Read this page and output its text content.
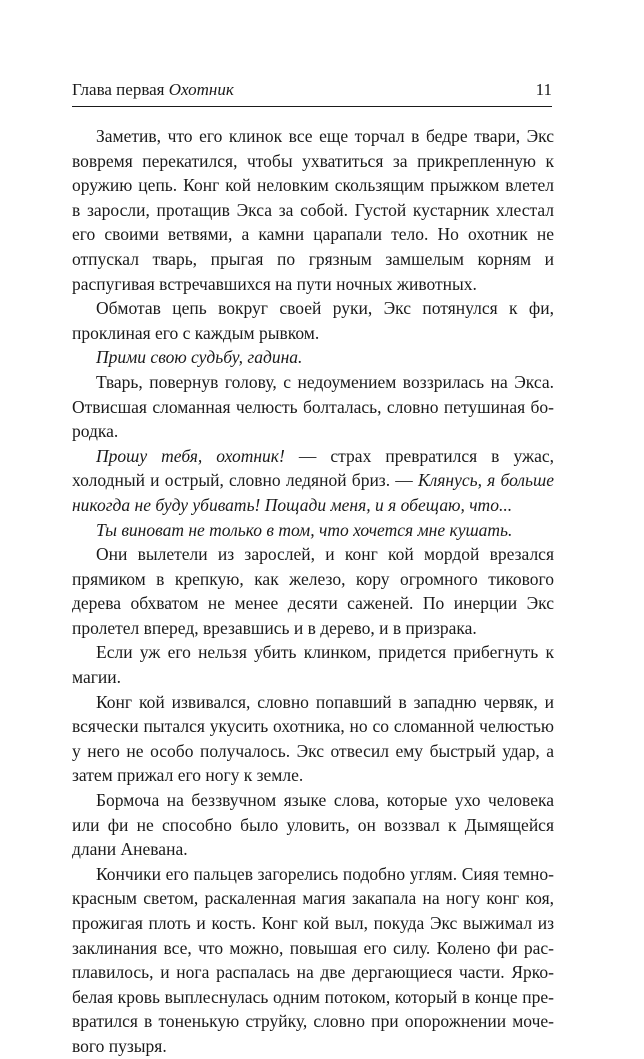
Глава первая Охотник	11

Заметив, что его клинок все еще торчал в бедре твари, Экс вовремя перекатился, чтобы ухватиться за прикрепленную к оружию цепь. Конг кой неловким скользящим прыжком влетел в заросли, протащив Экса за собой. Густой кустарник хлестал его своими ветвями, а камни царапали тело. Но охотник не отпускал тварь, прыгая по грязным замшелым корням и распугивая встречавшихся на пути ночных животных.

Обмотав цепь вокруг своей руки, Экс потянулся к фи, проклиная его с каждым рывком.

Прими свою судьбу, гадина.

Тварь, повернув голову, с недоумением воззрилась на Экса. Отвисшая сломанная челюсть болталась, словно петушиная бородка.

Прошу тебя, охотник! — страх превратился в ужас, холодный и острый, словно ледяной бриз. — Клянусь, я больше никогда не буду убивать! Пощади меня, и я обещаю, что...

Ты виноват не только в том, что хочется мне кушать.

Они вылетели из зарослей, и конг кой мордой врезался прямиком в крепкую, как железо, кору огромного тикового дерева обхватом не менее десяти саженей. По инерции Экс пролетел вперед, врезавшись и в дерево, и в призрака.

Если уж его нельзя убить клинком, придется прибегнуть к магии.

Конг кой извивался, словно попавший в западню червяк, и всячески пытался укусить охотника, но со сломанной челюстью у него не особо получалось. Экс отвесил ему быстрый удар, а затем прижал его ногу к земле.

Бормоча на беззвучном языке слова, которые ухо человека или фи не способно было уловить, он воззвал к Дымящейся длани Аневана.

Кончики его пальцев загорелись подобно углям. Сияя темно-красным светом, раскаленная магия закапала на ногу конг коя, прожигая плоть и кость. Конг кой выл, покуда Экс выжимал из заклинания все, что можно, повышая его силу. Колено фи расплавилось, и нога распалась на две дергающиеся части. Ярко-белая кровь выплеснулась одним потоком, который в конце превратился в тоненькую струйку, словно при опорожнении мочевого пузыря.
